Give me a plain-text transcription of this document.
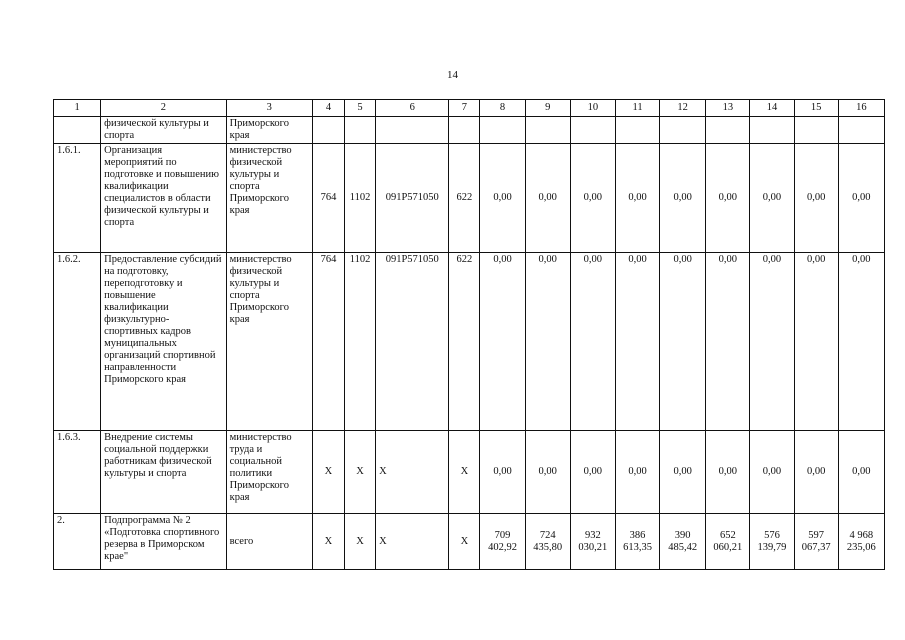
14
1	2	3	4	5	6	7	8	9	10	11	12	13	14	15	16
	физической культуры и спорта	Приморского края													
1.6.1.	Организация мероприятий по подготовке и повышению квалификации специалистов в области физической культуры и спорта	министерство физической культуры и спорта Приморского края	764	1102	091P571050	622	0,00	0,00	0,00	0,00	0,00	0,00	0,00	0,00	0,00
1.6.2.	Предоставление субсидий на подготовку, переподготовку и повышение квалификации физкультурно-спортивных кадров муниципальных организаций спортивной направленности Приморского края	министерство физической культуры и спорта Приморского края	764	1102	091P571050	622	0,00	0,00	0,00	0,00	0,00	0,00	0,00	0,00	0,00
1.6.3.	Внедрение системы социальной поддержки работникам физической культуры и спорта	министерство труда и социальной политики Приморского края	Х	Х	Х	Х	0,00	0,00	0,00	0,00	0,00	0,00	0,00	0,00	0,00
2.	Подпрограмма № 2 «Подготовка спортивного резерва в Приморском крае"	всего	Х	Х	Х	Х	709 402,92	724 435,80	932 030,21	386 613,35	390 485,42	652 060,21	576 139,79	597 067,37	4 968 235,06
